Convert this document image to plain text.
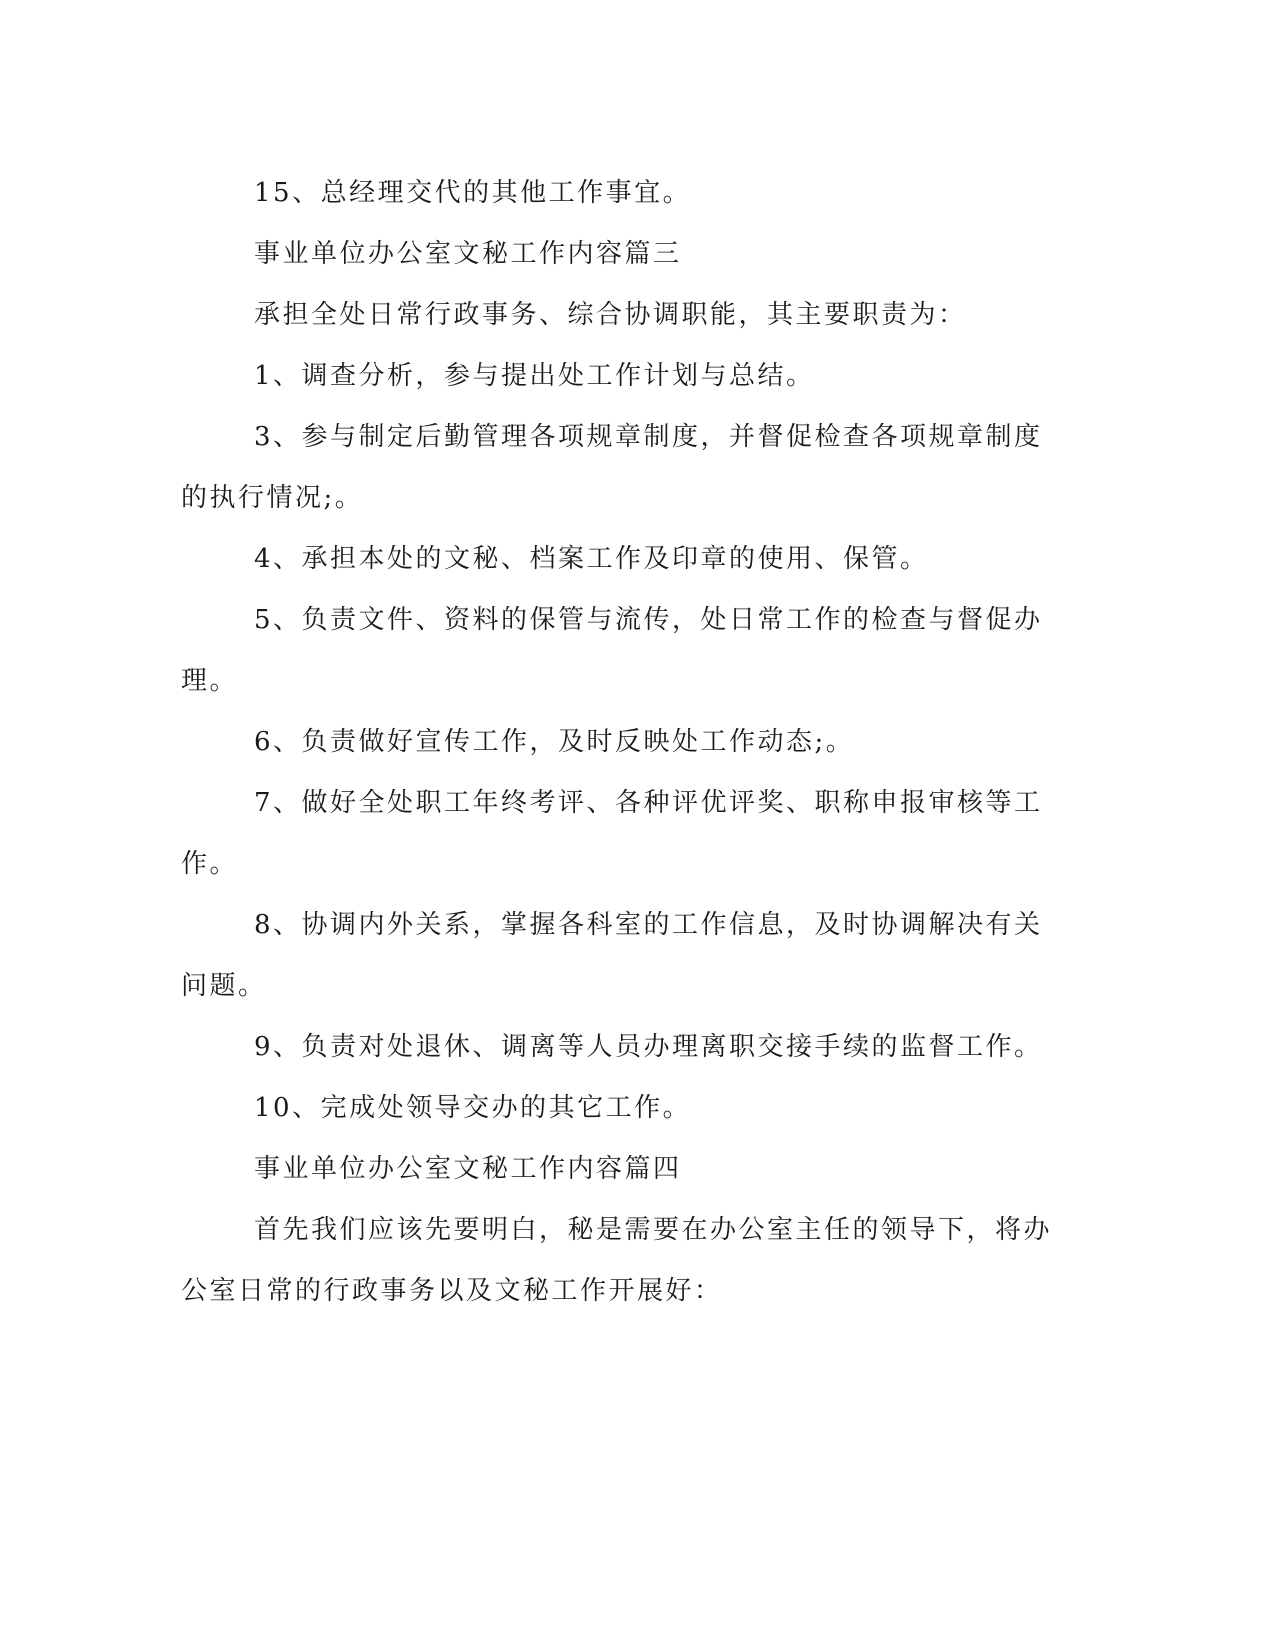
15、总经理交代的其他工作事宜。

事业单位办公室文秘工作内容篇三

承担全处日常行政事务、综合协调职能，其主要职责为：

1、调查分析，参与提出处工作计划与总结。

3、参与制定后勤管理各项规章制度，并督促检查各项规章制度的执行情况;。

4、承担本处的文秘、档案工作及印章的使用、保管。

5、负责文件、资料的保管与流传，处日常工作的检查与督促办理。

6、负责做好宣传工作，及时反映处工作动态;。

7、做好全处职工年终考评、各种评优评奖、职称申报审核等工作。

8、协调内外关系，掌握各科室的工作信息，及时协调解决有关问题。

9、负责对处退休、调离等人员办理离职交接手续的监督工作。

10、完成处领导交办的其它工作。

事业单位办公室文秘工作内容篇四

首先我们应该先要明白，秘是需要在办公室主任的领导下，将办公室日常的行政事务以及文秘工作开展好：
